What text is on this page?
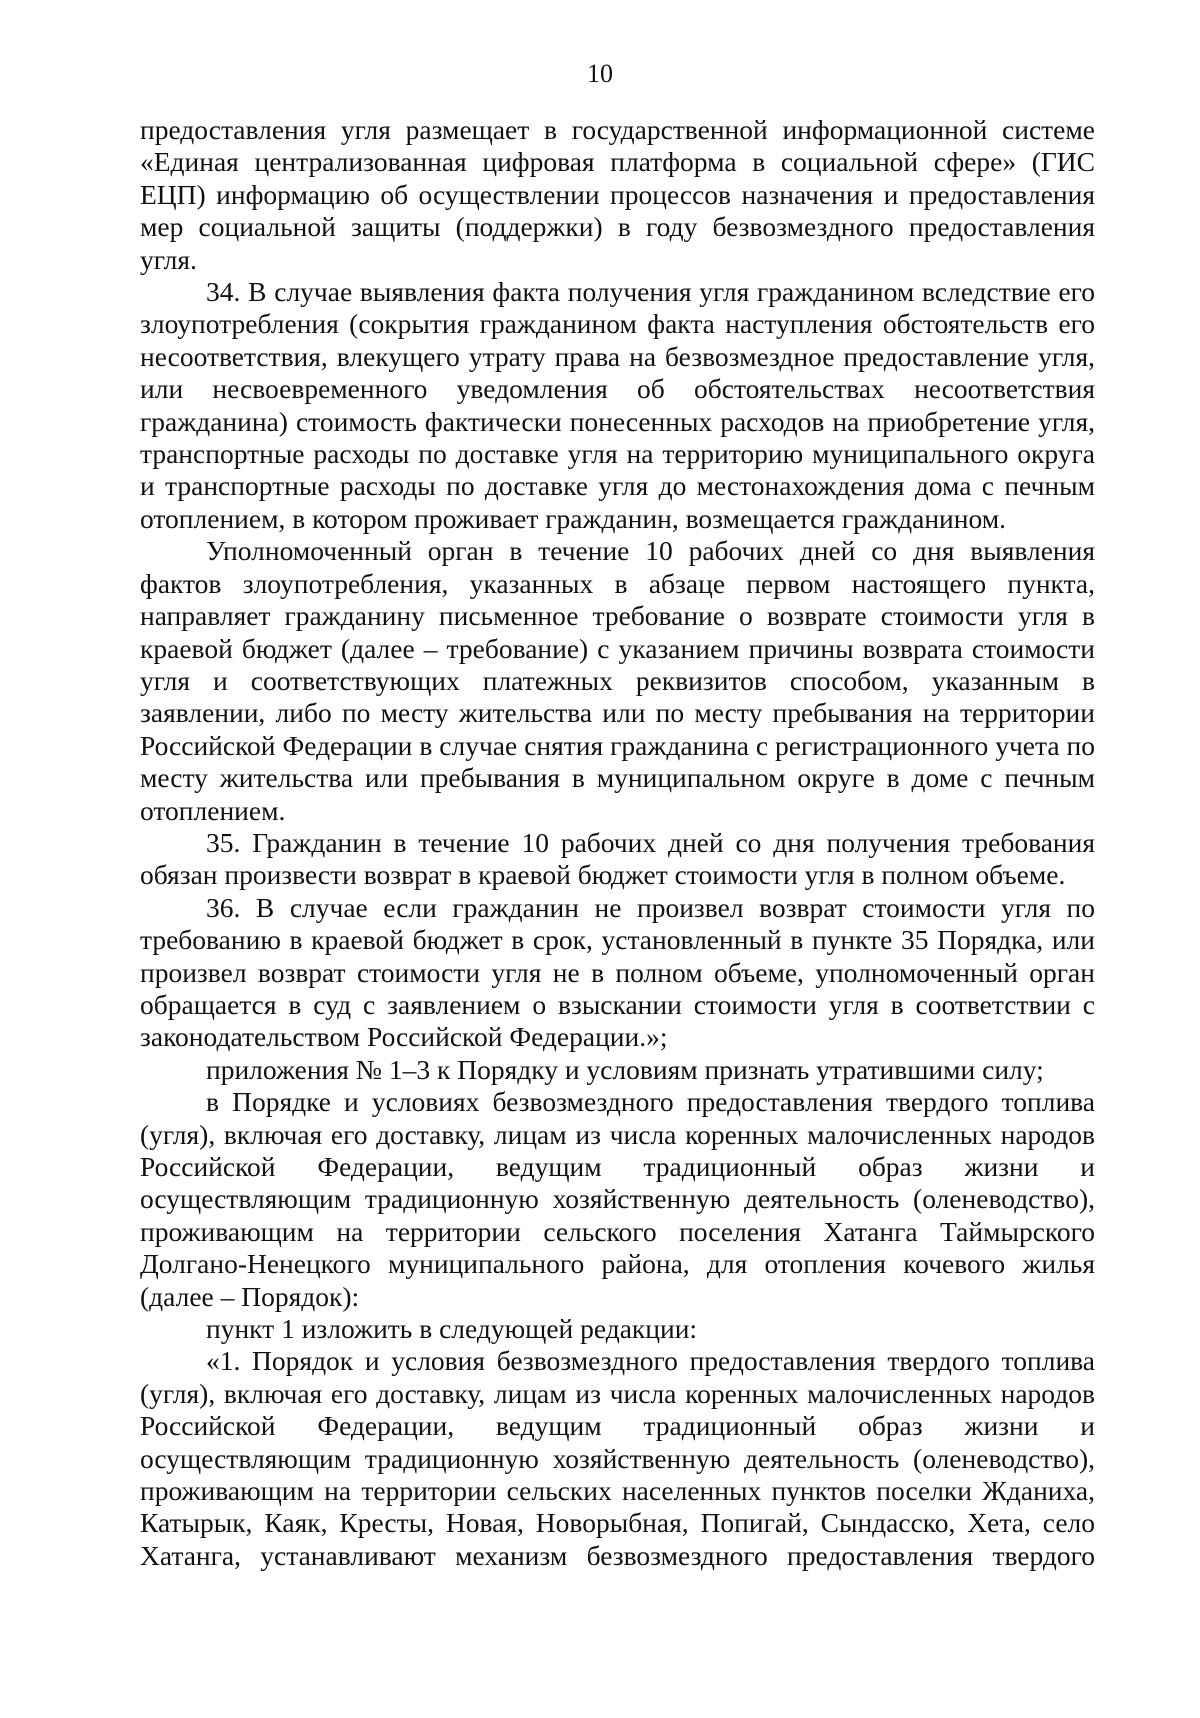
10

предоставления угля размещает в государственной информационной системе «Единая централизованная цифровая платформа в социальной сфере» (ГИС ЕЦП) информацию об осуществлении процессов назначения и предоставления мер социальной защиты (поддержки) в году безвозмездного предоставления угля.

34. В случае выявления факта получения угля гражданином вследствие его злоупотребления (сокрытия гражданином факта наступления обстоятельств его несоответствия, влекущего утрату права на безвозмездное предоставление угля, или несвоевременного уведомления об обстоятельствах несоответствия гражданина) стоимость фактически понесенных расходов на приобретение угля, транспортные расходы по доставке угля на территорию муниципального округа и транспортные расходы по доставке угля до местонахождения дома с печным отоплением, в котором проживает гражданин, возмещается гражданином.

Уполномоченный орган в течение 10 рабочих дней со дня выявления фактов злоупотребления, указанных в абзаце первом настоящего пункта, направляет гражданину письменное требование о возврате стоимости угля в краевой бюджет (далее – требование) с указанием причины возврата стоимости угля и соответствующих платежных реквизитов способом, указанным в заявлении, либо по месту жительства или по месту пребывания на территории Российской Федерации в случае снятия гражданина с регистрационного учета по месту жительства или пребывания в муниципальном округе в доме с печным отоплением.

35. Гражданин в течение 10 рабочих дней со дня получения требования обязан произвести возврат в краевой бюджет стоимости угля в полном объеме.

36. В случае если гражданин не произвел возврат стоимости угля по требованию в краевой бюджет в срок, установленный в пункте 35 Порядка, или произвел возврат стоимости угля не в полном объеме, уполномоченный орган обращается в суд с заявлением о взыскании стоимости угля в соответствии с законодательством Российской Федерации.»;

приложения № 1–3 к Порядку и условиям признать утратившими силу;

в Порядке и условиях безвозмездного предоставления твердого топлива (угля), включая его доставку, лицам из числа коренных малочисленных народов Российской Федерации, ведущим традиционный образ жизни и осуществляющим традиционную хозяйственную деятельность (оленеводство), проживающим на территории сельского поселения Хатанга Таймырского Долгано-Ненецкого муниципального района, для отопления кочевого жилья (далее – Порядок):

пункт 1 изложить в следующей редакции:

«1. Порядок и условия безвозмездного предоставления твердого топлива (угля), включая его доставку, лицам из числа коренных малочисленных народов Российской Федерации, ведущим традиционный образ жизни и осуществляющим традиционную хозяйственную деятельность (оленеводство), проживающим на территории сельских населенных пунктов поселки Жданиха, Катырык, Каяк, Кресты, Новая, Новорыбная, Попигай, Сындасско, Хета, село Хатанга, устанавливают механизм безвозмездного предоставления твердого
